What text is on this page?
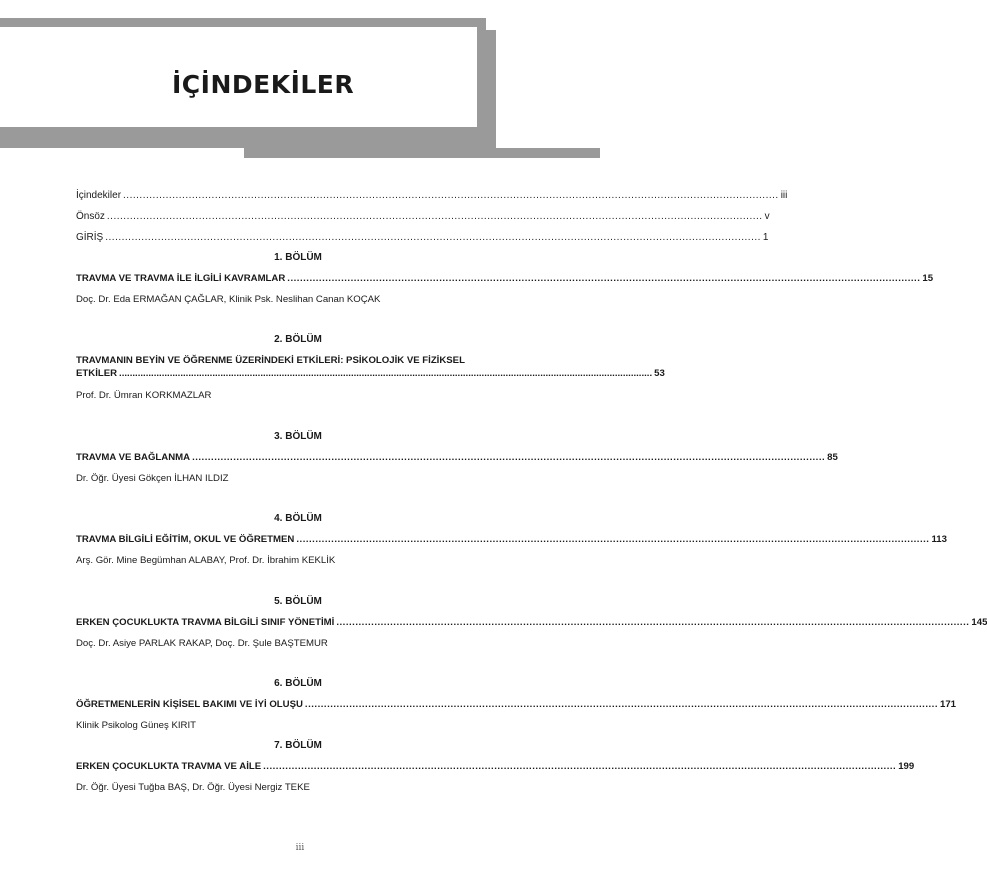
İÇİNDEKİLER
İçindekiler ........................................................................................................................................................................................................ iii
Önsöz ........................................................................................................................................................................................................ v
GİRİŞ ........................................................................................................................................................................................................ 1
1. BÖLÜM
TRAVMA VE TRAVMA İLE İLGİLİ KAVRAMLAR ........................................................................................................................................................................................................ 15
Doç. Dr. Eda ERMAĞAN ÇAĞLAR, Klinik Psk. Neslihan Canan KOÇAK
2. BÖLÜM
TRAVMANIN BEYİN VE ÖĞRENME ÜZERİNDEKİ ETKİLERİ: PSİKOLOJİK VE FİZİKSEL
ETKİLER ........................................................................................................................................................................................................ 53
Prof. Dr. Ümran KORKMAZLAR
3. BÖLÜM
TRAVMA VE BAĞLANMA ........................................................................................................................................................................................................ 85
Dr. Öğr. Üyesi Gökçen İLHAN ILDIZ
4. BÖLÜM
TRAVMA BİLGİLİ EĞİTİM, OKUL VE ÖĞRETMEN ........................................................................................................................................................................................................ 113
Arş. Gör. Mine Begümhan ALABAY, Prof. Dr. İbrahim KEKLİK
5. BÖLÜM
ERKEN ÇOCUKLUKTA TRAVMA BİLGİLİ SINIF YÖNETİMİ ........................................................................................................................................................................................................ 145
Doç. Dr. Asiye PARLAK RAKAP, Doç. Dr. Şule BAŞTEMUR
6. BÖLÜM
ÖĞRETMENLERİN KİŞİSEL BAKIMI VE İYİ OLUŞU ........................................................................................................................................................................................................ 171
Klinik Psikolog Güneş KIRIT
7. BÖLÜM
ERKEN ÇOCUKLUKTA TRAVMA VE AİLE ........................................................................................................................................................................................................ 199
Dr. Öğr. Üyesi Tuğba BAŞ, Dr. Öğr. Üyesi Nergiz TEKE
iii
